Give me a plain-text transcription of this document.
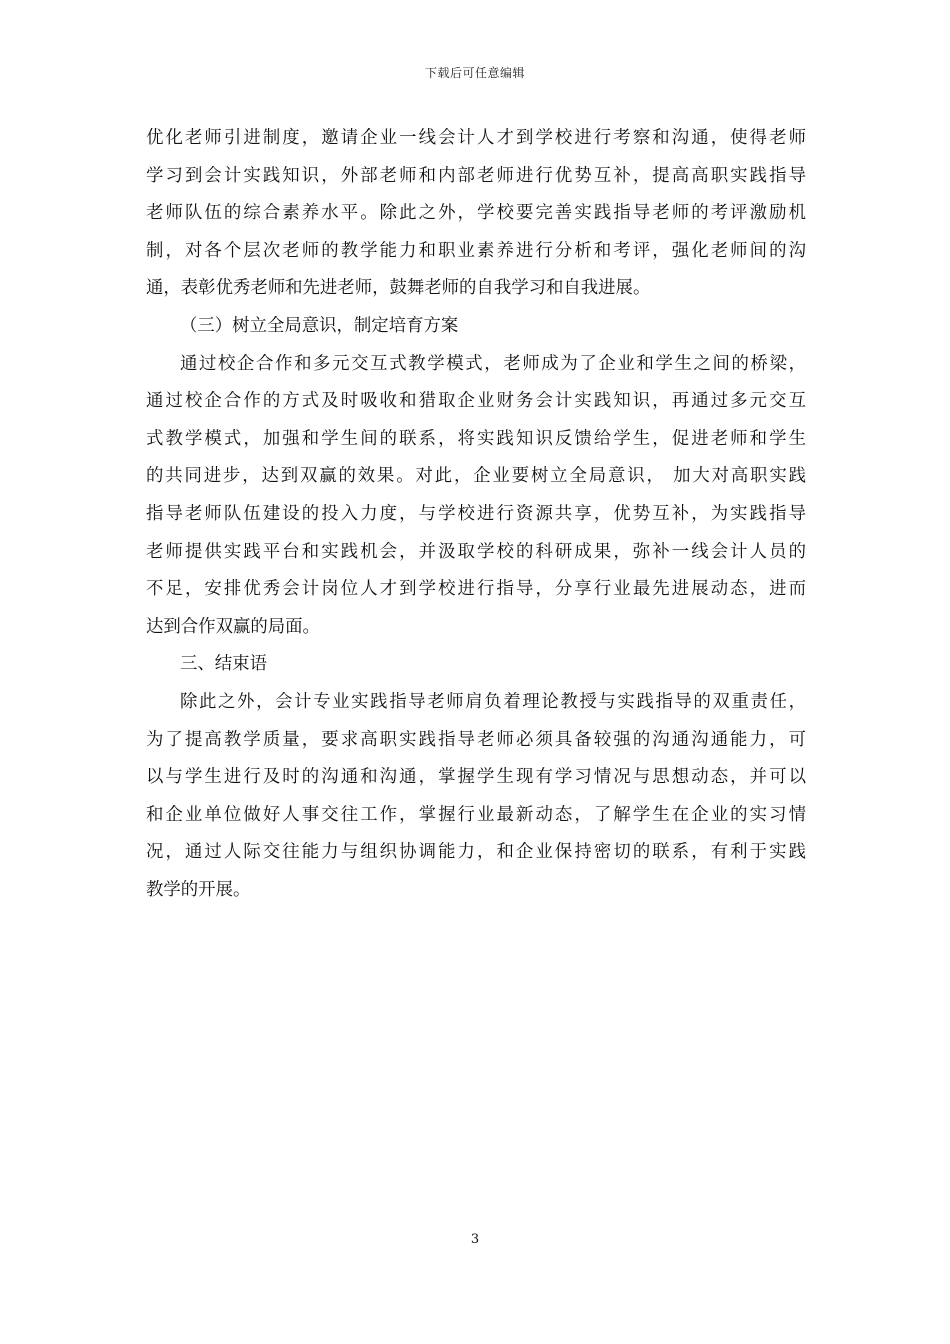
下载后可任意编辑
优化老师引进制度，邀请企业一线会计人才到学校进行考察和沟通，使得老师
学习到会计实践知识，外部老师和内部老师进行优势互补，提高高职实践指导
老师队伍的综合素养水平。除此之外，学校要完善实践指导老师的考评激励机
制，对各个层次老师的教学能力和职业素养进行分析和考评，强化老师间的沟
通，表彰优秀老师和先进老师，鼓舞老师的自我学习和自我进展。
（三）树立全局意识，制定培育方案
通过校企合作和多元交互式教学模式，老师成为了企业和学生之间的桥梁，
通过校企合作的方式及时吸收和猎取企业财务会计实践知识，再通过多元交互
式教学模式，加强和学生间的联系，将实践知识反馈给学生，促进老师和学生
的共同进步，达到双赢的效果。对此，企业要树立全局意识， 加大对高职实践
指导老师队伍建设的投入力度，与学校进行资源共享，优势互补，为实践指导
老师提供实践平台和实践机会，并汲取学校的科研成果，弥补一线会计人员的
不足，安排优秀会计岗位人才到学校进行指导，分享行业最先进展动态，进而
达到合作双赢的局面。
三、结束语
除此之外，会计专业实践指导老师肩负着理论教授与实践指导的双重责任，
为了提高教学质量，要求高职实践指导老师必须具备较强的沟通沟通能力，可
以与学生进行及时的沟通和沟通，掌握学生现有学习情况与思想动态，并可以
和企业单位做好人事交往工作，掌握行业最新动态，了解学生在企业的实习情
况，通过人际交往能力与组织协调能力，和企业保持密切的联系，有利于实践
教学的开展。
3
